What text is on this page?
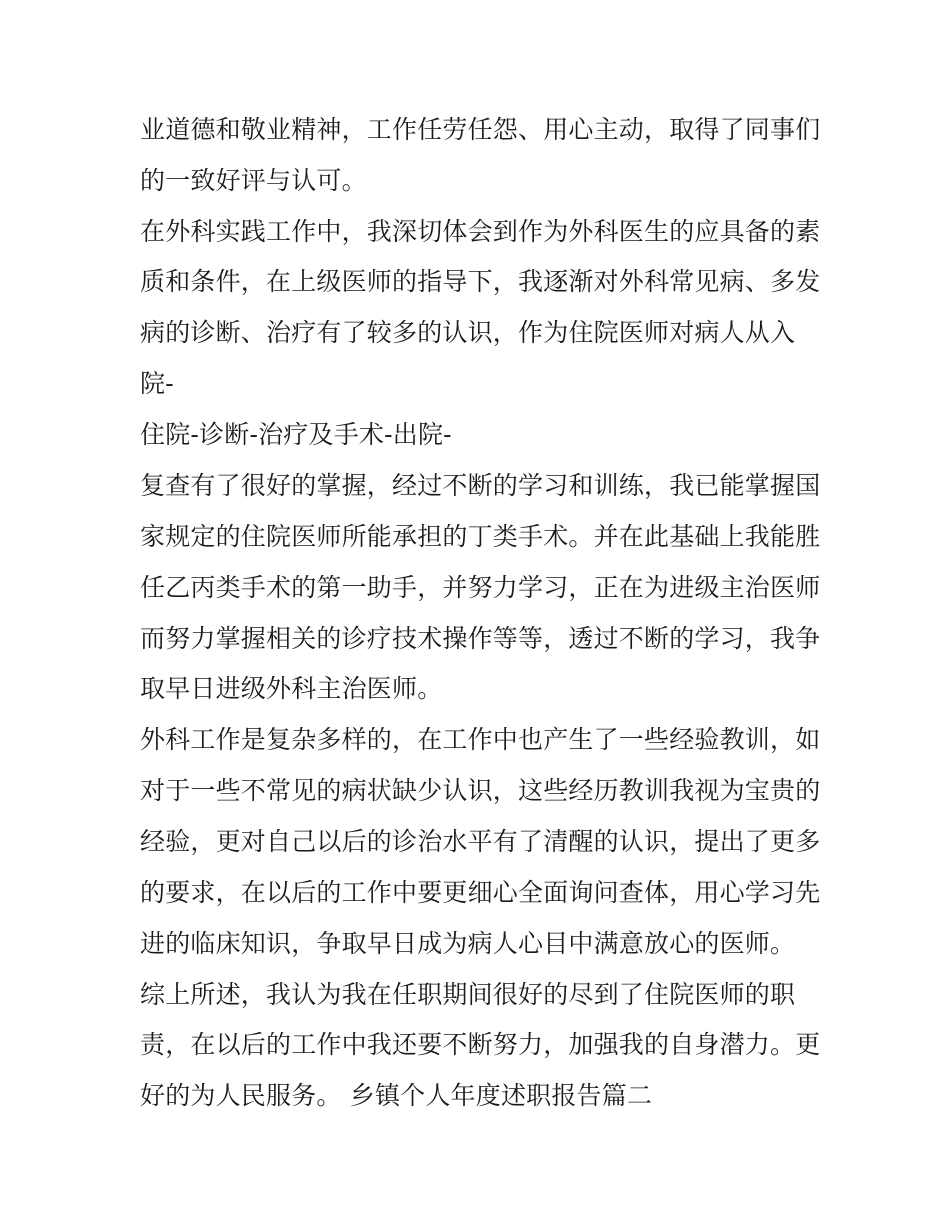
业道德和敬业精神，工作任劳任怨、用心主动，取得了同事们

的一致好评与认可。

在外科实践工作中，我深切体会到作为外科医生的应具备的素

质和条件，在上级医师的指导下，我逐渐对外科常见病、多发

病的诊断、治疗有了较多的认识，作为住院医师对病人从入

院-

住院-诊断-治疗及手术-出院-

复查有了很好的掌握，经过不断的学习和训练，我已能掌握国

家规定的住院医师所能承担的丁类手术。并在此基础上我能胜

任乙丙类手术的第一助手，并努力学习，正在为进级主治医师

而努力掌握相关的诊疗技术操作等等，透过不断的学习，我争

取早日进级外科主治医师。

外科工作是复杂多样的，在工作中也产生了一些经验教训，如

对于一些不常见的病状缺少认识，这些经历教训我视为宝贵的

经验，更对自己以后的诊治水平有了清醒的认识，提出了更多

的要求，在以后的工作中要更细心全面询问查体，用心学习先

进的临床知识，争取早日成为病人心目中满意放心的医师。

综上所述，我认为我在任职期间很好的尽到了住院医师的职

责，在以后的工作中我还要不断努力，加强我的自身潜力。更

好的为人民服务。 乡镇个人年度述职报告篇二
